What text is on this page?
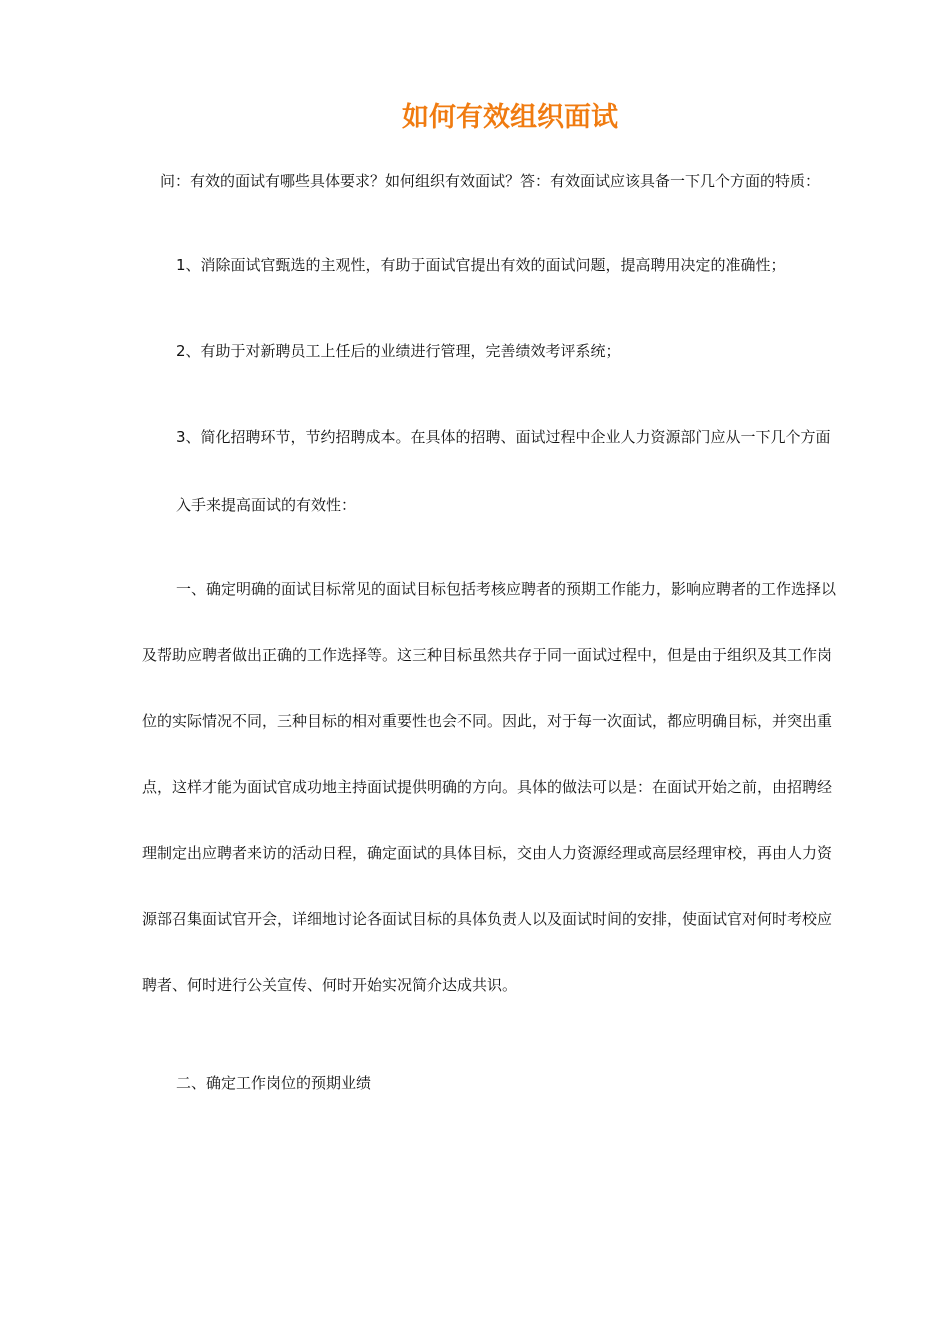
如何有效组织面试
问：有效的面试有哪些具体要求？如何组织有效面试？答：有效面试应该具备一下几个方面的特质：
1、消除面试官甄选的主观性，有助于面试官提出有效的面试问题，提高聘用决定的准确性；
2、有助于对新聘员工上任后的业绩进行管理，完善绩效考评系统；
3、简化招聘环节，节约招聘成本。在具体的招聘、面试过程中企业人力资源部门应从一下几个方面
入手来提高面试的有效性：
一、确定明确的面试目标常见的面试目标包括考核应聘者的预期工作能力，影响应聘者的工作选择以
及帮助应聘者做出正确的工作选择等。这三种目标虽然共存于同一面试过程中，但是由于组织及其工作岗
位的实际情况不同，三种目标的相对重要性也会不同。因此，对于每一次面试，都应明确目标，并突出重
点，这样才能为面试官成功地主持面试提供明确的方向。具体的做法可以是：在面试开始之前，由招聘经
理制定出应聘者来访的活动日程，确定面试的具体目标，交由人力资源经理或高层经理审校，再由人力资
源部召集面试官开会，详细地讨论各面试目标的具体负责人以及面试时间的安排，使面试官对何时考校应
聘者、何时进行公关宣传、何时开始实况简介达成共识。
二、确定工作岗位的预期业绩
